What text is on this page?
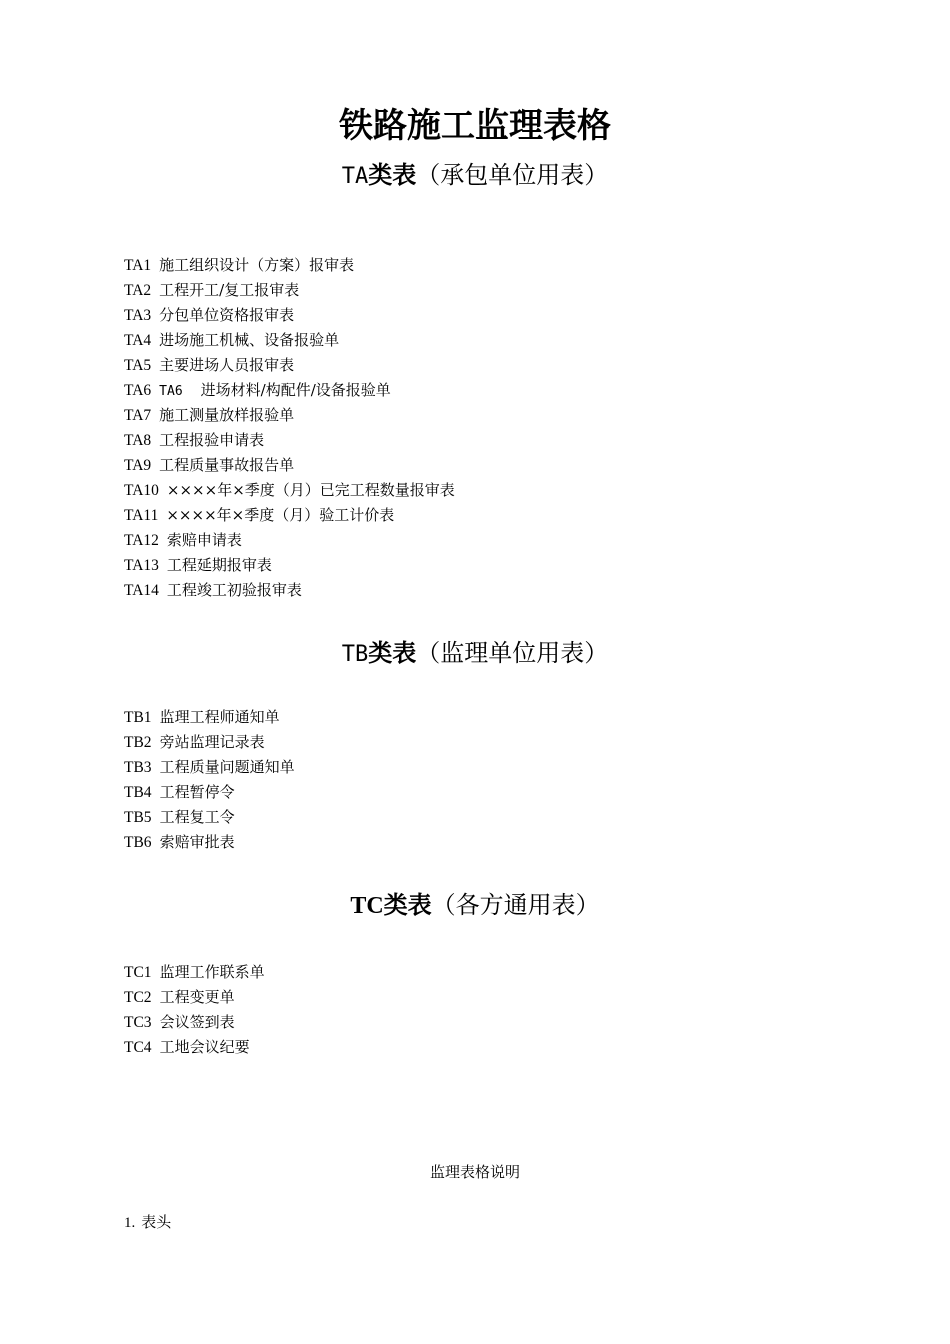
铁路施工监理表格
TA类表（承包单位用表）
TA1 施工组织设计（方案）报审表
TA2 工程开工/复工报审表
TA3 分包单位资格报审表
TA4 进场施工机械、设备报验单
TA5 主要进场人员报审表
TA6 TA6 进场材料/构配件/设备报验单
TA7 施工测量放样报验单
TA8 工程报验申请表
TA9 工程质量事故报告单
TA10 ××××年×季度（月）已完工程数量报审表
TA11 ××××年×季度（月）验工计价表
TA12 索赔申请表
TA13 工程延期报审表
TA14 工程竣工初验报审表
TB类表（监理单位用表）
TB1 监理工程师通知单
TB2 旁站监理记录表
TB3 工程质量问题通知单
TB4 工程暂停令
TB5 工程复工令
TB6 索赔审批表
TC类表（各方通用表）
TC1 监理工作联系单
TC2 工程变更单
TC3 会议签到表
TC4 工地会议纪要
监理表格说明
1. 表头
